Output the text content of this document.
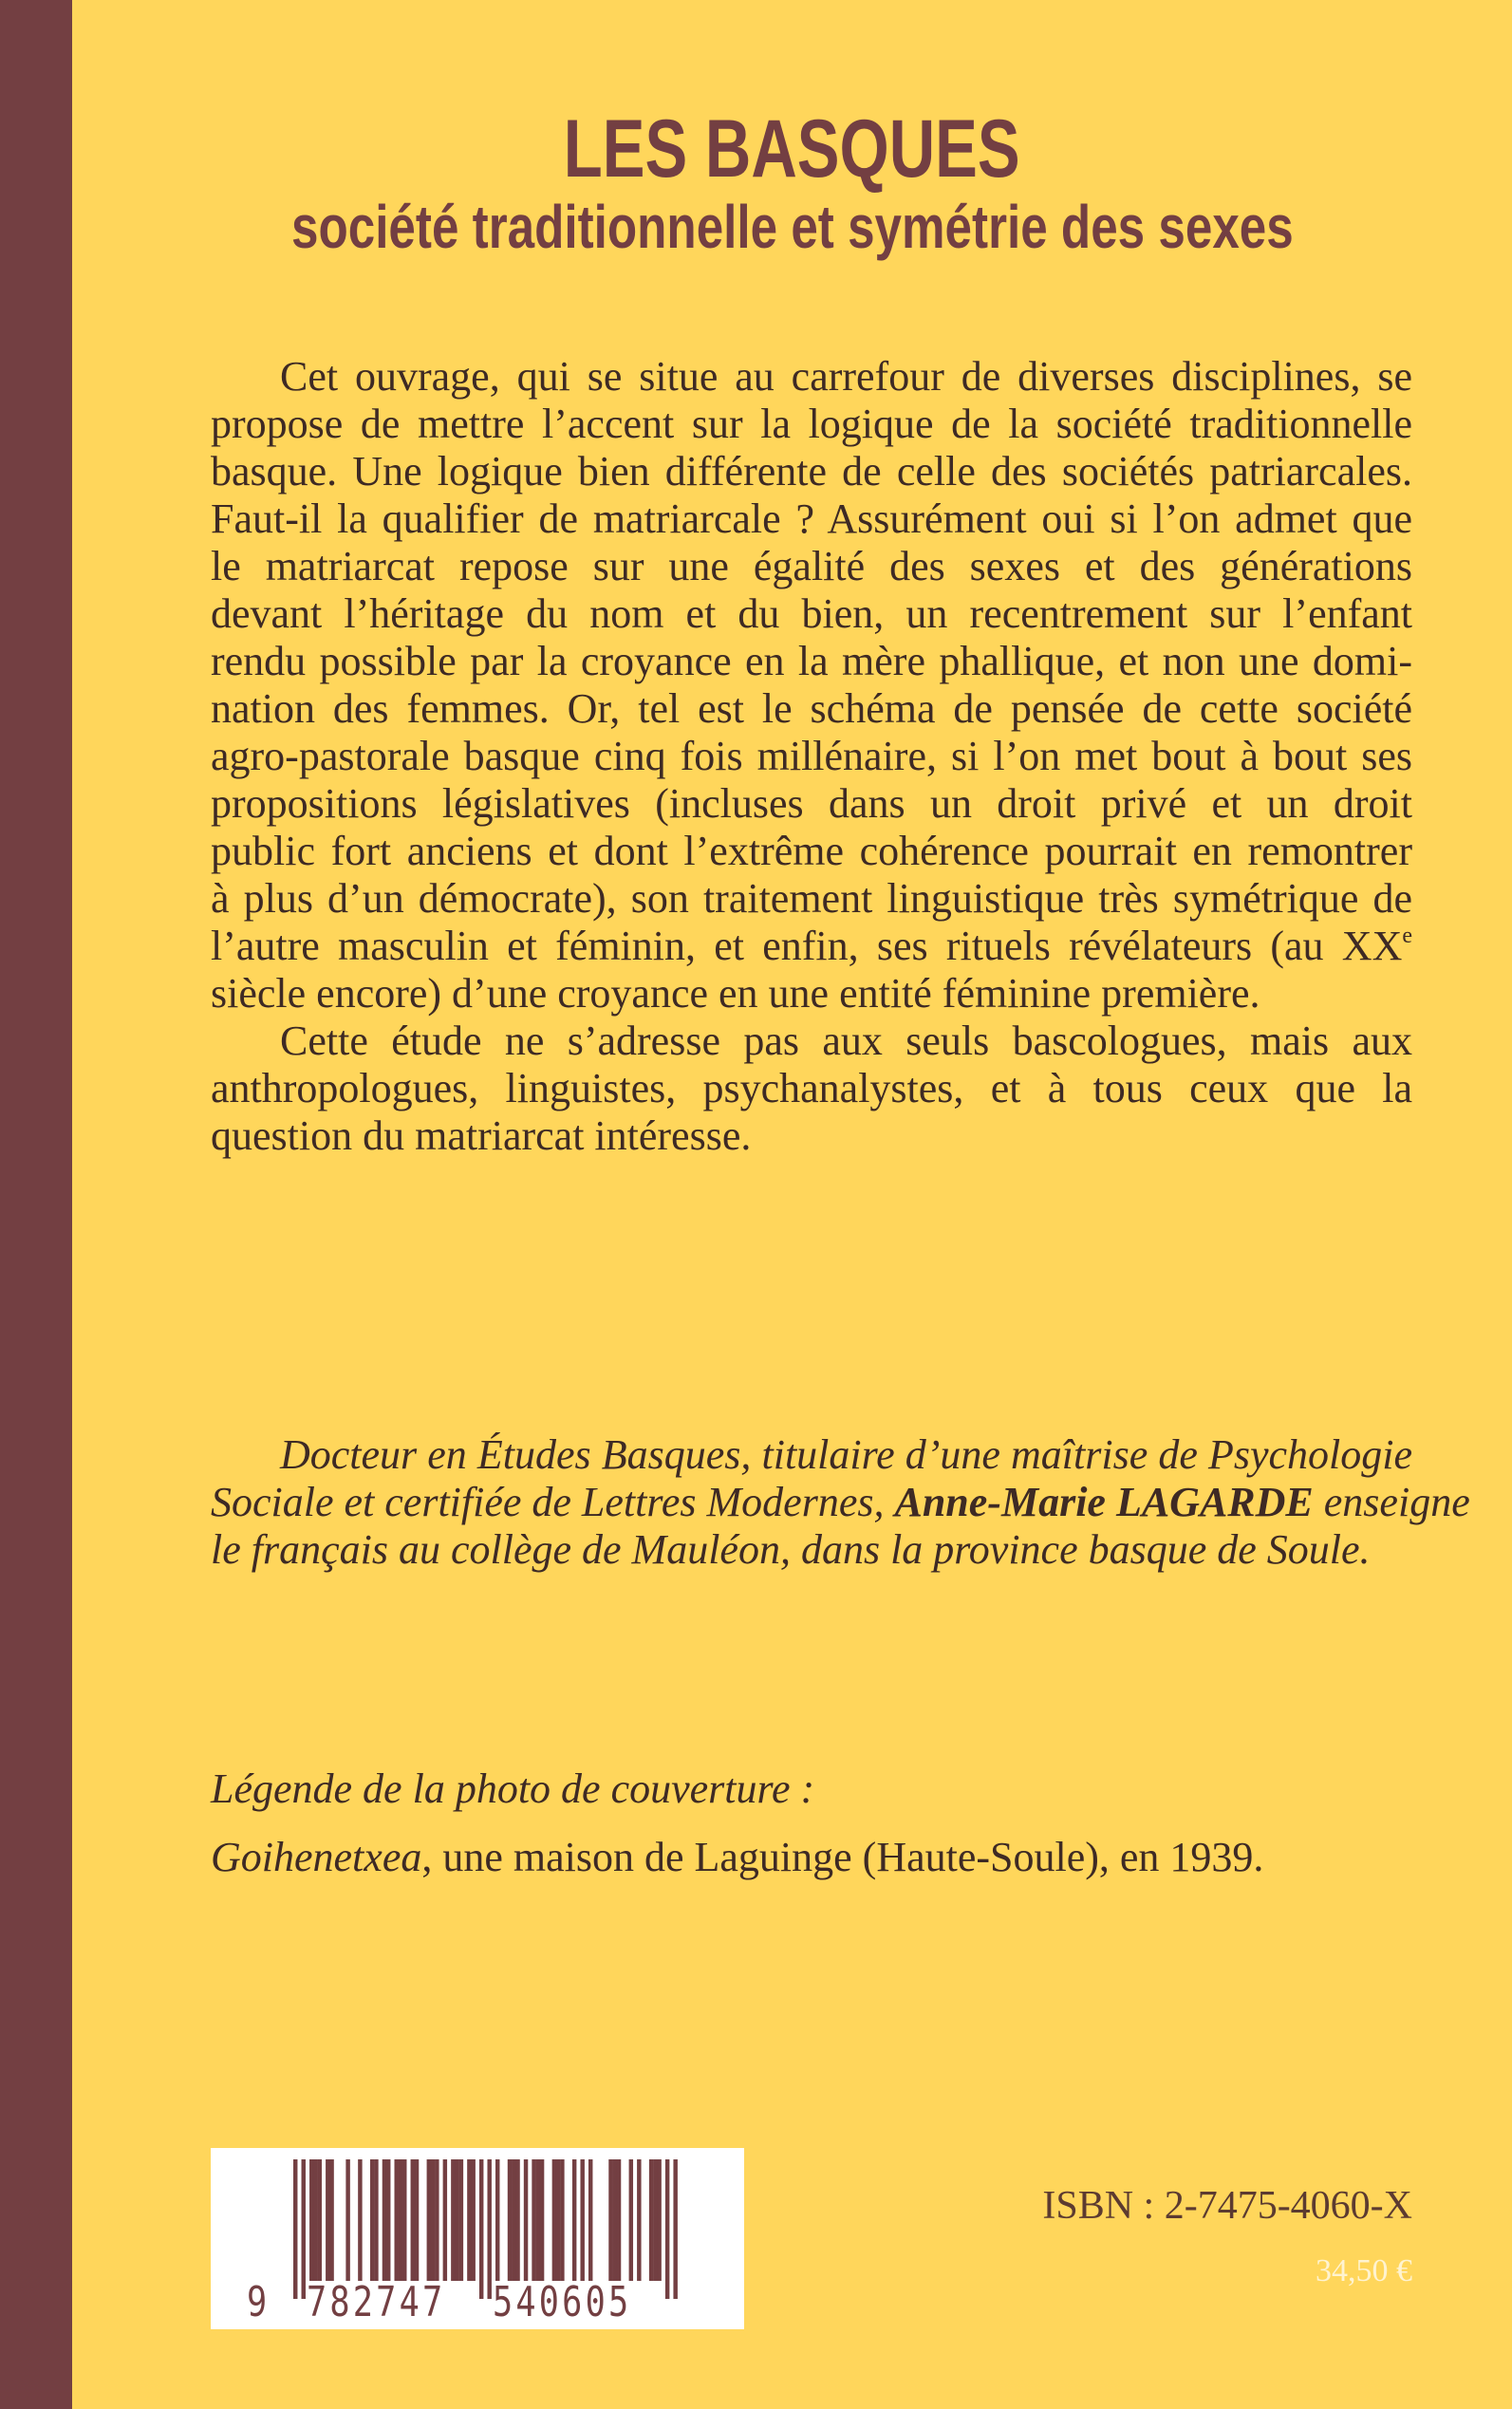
LES BASQUES
société traditionnelle et symétrie des sexes
Cet ouvrage, qui se situe au carrefour de diverses disciplines, se
propose de mettre l’accent sur la logique de la société traditionnelle
basque. Une logique bien différente de celle des sociétés patriarcales.
Faut-il la qualifier de matriarcale ? Assurément oui si l’on admet que
le matriarcat repose sur une égalité des sexes et des générations
devant l’héritage du nom et du bien, un recentrement sur l’enfant
rendu possible par la croyance en la mère phallique, et non une domi-
nation des femmes. Or, tel est le schéma de pensée de cette société
agro-pastorale basque cinq fois millénaire, si l’on met bout à bout ses
propositions législatives (incluses dans un droit privé et un droit
public fort anciens et dont l’extrême cohérence pourrait en remontrer
à plus d’un démocrate), son traitement linguistique très symétrique de
l’autre masculin et féminin, et enfin, ses rituels révélateurs (au XXe
siècle encore) d’une croyance en une entité féminine première.
Cette étude ne s’adresse pas aux seuls bascologues, mais aux
anthropologues, linguistes, psychanalystes, et à tous ceux que la
question du matriarcat intéresse.
Docteur en Études Basques, titulaire d’une maîtrise de Psychologie
Sociale et certifiée de Lettres Modernes, Anne-Marie LAGARDE enseigne
le français au collège de Mauléon, dans la province basque de Soule.
Légende de la photo de couverture :
Goihenetxea, une maison de Laguinge (Haute-Soule), en 1939.
9 782747 540605
ISBN : 2-7475-4060-X
34,50 €
